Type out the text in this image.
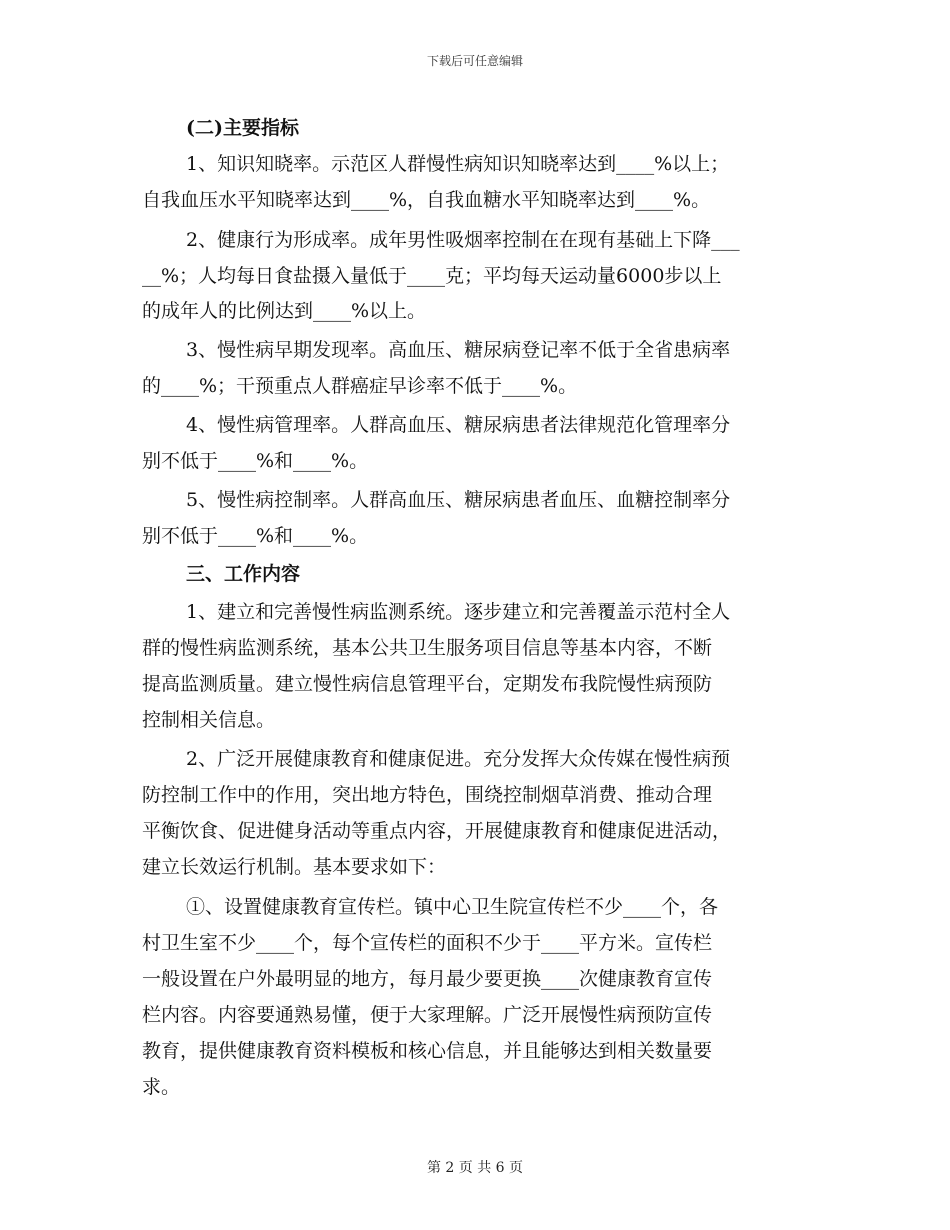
下载后可任意编辑
(二)主要指标
1、知识知晓率。示范区人群慢性病知识知晓率达到____%以上；
自我血压水平知晓率达到____%，自我血糖水平知晓率达到____%。
2、健康行为形成率。成年男性吸烟率控制在在现有基础上下降___
__%；人均每日食盐摄入量低于____克；平均每天运动量6000步以上
的成年人的比例达到____%以上。
3、慢性病早期发现率。高血压、糖尿病登记率不低于全省患病率
的____%；干预重点人群癌症早诊率不低于____%。
4、慢性病管理率。人群高血压、糖尿病患者法律规范化管理率分
别不低于____%和____%。
5、慢性病控制率。人群高血压、糖尿病患者血压、血糖控制率分
别不低于____%和____%。
三、工作内容
1、建立和完善慢性病监测系统。逐步建立和完善覆盖示范村全人
群的慢性病监测系统，基本公共卫生服务项目信息等基本内容，不断
提高监测质量。建立慢性病信息管理平台，定期发布我院慢性病预防
控制相关信息。
2、广泛开展健康教育和健康促进。充分发挥大众传媒在慢性病预
防控制工作中的作用，突出地方特色，围绕控制烟草消费、推动合理
平衡饮食、促进健身活动等重点内容，开展健康教育和健康促进活动，
建立长效运行机制。基本要求如下：
①、设置健康教育宣传栏。镇中心卫生院宣传栏不少____个，各
村卫生室不少____个，每个宣传栏的面积不少于____平方米。宣传栏
一般设置在户外最明显的地方，每月最少要更换____次健康教育宣传
栏内容。内容要通熟易懂，便于大家理解。广泛开展慢性病预防宣传
教育，提供健康教育资料模板和核心信息，并且能够达到相关数量要
求。
第 2 页 共 6 页
